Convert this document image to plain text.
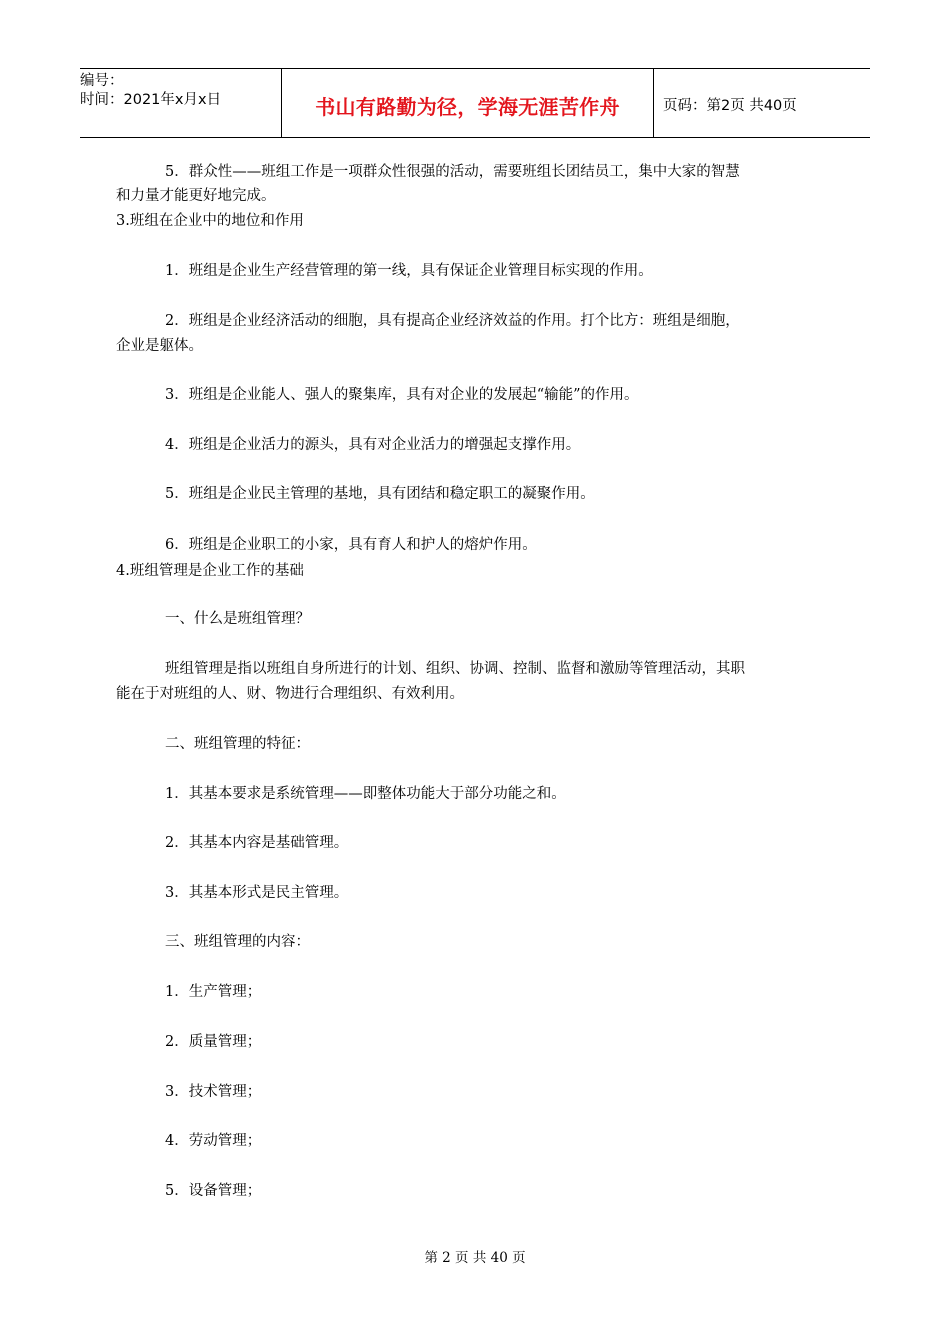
编号：
时间：2021年x月x日	书山有路勤为径，学海无涯苦作舟	页码：第2页 共40页
5．群众性——班组工作是一项群众性很强的活动，需要班组长团结员工，集中大家的智慧
和力量才能更好地完成。
3.班组在企业中的地位和作用
1．班组是企业生产经营管理的第一线，具有保证企业管理目标实现的作用。
2．班组是企业经济活动的细胞，具有提高企业经济效益的作用。打个比方：班组是细胞，
企业是躯体。
3．班组是企业能人、强人的聚集库，具有对企业的发展起“输能”的作用。
4．班组是企业活力的源头，具有对企业活力的增强起支撑作用。
5．班组是企业民主管理的基地，具有团结和稳定职工的凝聚作用。
6．班组是企业职工的小家，具有育人和护人的熔炉作用。
4.班组管理是企业工作的基础
一、什么是班组管理？
班组管理是指以班组自身所进行的计划、组织、协调、控制、监督和激励等管理活动，其职
能在于对班组的人、财、物进行合理组织、有效利用。
二、班组管理的特征：
1．其基本要求是系统管理——即整体功能大于部分功能之和。
2．其基本内容是基础管理。
3．其基本形式是民主管理。
三、班组管理的内容：
1．生产管理；
2．质量管理；
3．技术管理；
4．劳动管理；
5．设备管理；
第 2 页 共 40 页
